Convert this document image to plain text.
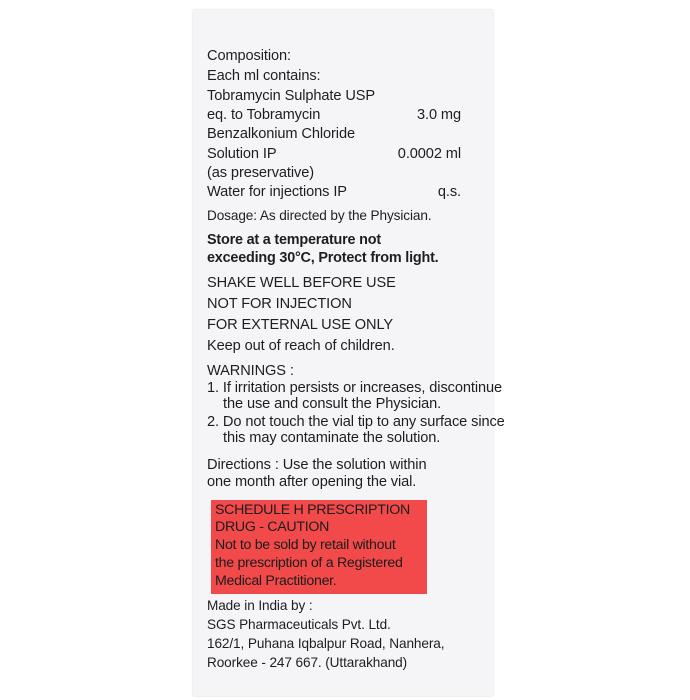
Composition:
Each ml contains:
Tobramycin Sulphate USP
eq. to Tobramycin	3.0 mg
Benzalkonium Chloride
Solution IP	0.0002 ml
(as preservative)
Water for injections IP	q.s.
Dosage: As directed by the Physician.
Store at a temperature not
exceeding 30°C, Protect from light.
SHAKE WELL BEFORE USE
NOT FOR INJECTION
FOR EXTERNAL USE ONLY
Keep out of reach of children.
WARNINGS :
1. If irritation persists or increases, discontinue
the use and consult the Physician.
2. Do not touch the vial tip to any surface since
this may contaminate the solution.
Directions : Use the solution within
one month after opening the vial.
SCHEDULE H PRESCRIPTION
DRUG - CAUTION
Not to be sold by retail without
the prescription of a Registered
Medical Practitioner.
Made in India by :
SGS Pharmaceuticals Pvt. Ltd.
162/1, Puhana Iqbalpur Road, Nanhera,
Roorkee - 247 667. (Uttarakhand)
